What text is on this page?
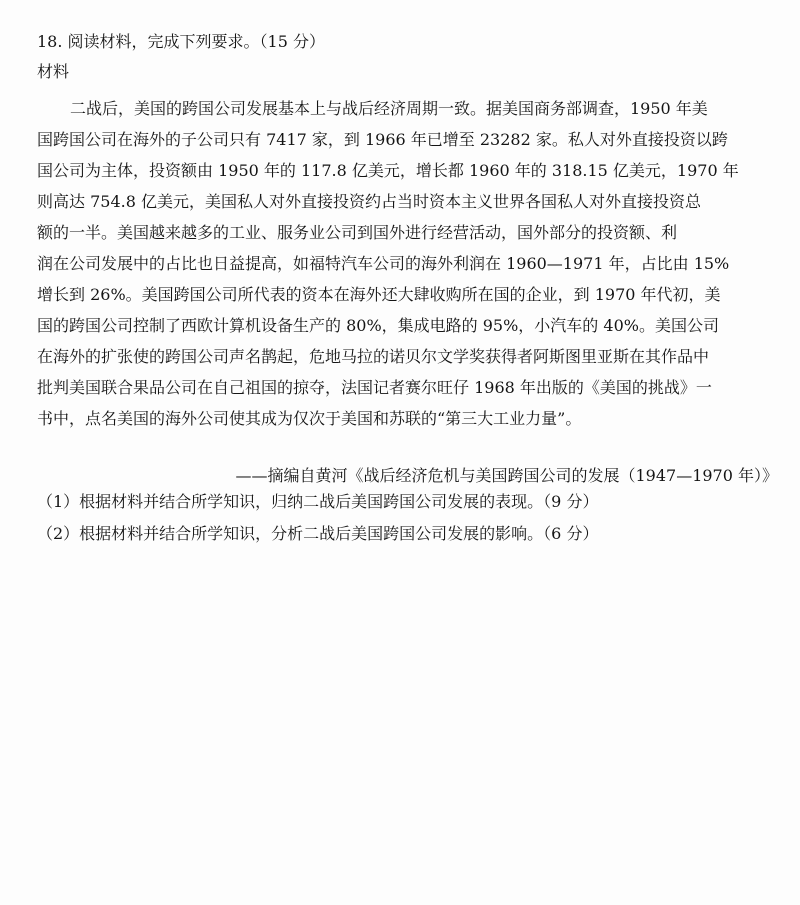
18. 阅读材料，完成下列要求。（15 分）
材料
二战后，美国的跨国公司发展基本上与战后经济周期一致。据美国商务部调查，1950 年美
国跨国公司在海外的子公司只有 7417 家，到 1966 年已增至 23282 家。私人对外直接投资以跨
国公司为主体，投资额由 1950 年的 117.8 亿美元，增长都 1960 年的 318.15 亿美元，1970 年
则高达 754.8 亿美元，美国私人对外直接投资约占当时资本主义世界各国私人对外直接投资总
额的一半。美国越来越多的工业、服务业公司到国外进行经营活动，国外部分的投资额、利
润在公司发展中的占比也日益提高，如福特汽车公司的海外利润在 1960—1971 年，占比由 15%
增长到 26%。美国跨国公司所代表的资本在海外还大肆收购所在国的企业，到 1970 年代初，美
国的跨国公司控制了西欧计算机设备生产的 80%，集成电路的 95%，小汽车的 40%。美国公司
在海外的扩张使的跨国公司声名鹊起，危地马拉的诺贝尔文学奖获得者阿斯图里亚斯在其作品中
批判美国联合果品公司在自己祖国的掠夺，法国记者赛尔旺仔 1968 年出版的《美国的挑战》一
书中，点名美国的海外公司使其成为仅次于美国和苏联的“第三大工业力量”。
——摘编自黄河《战后经济危机与美国跨国公司的发展（1947—1970 年）》
（1）根据材料并结合所学知识，归纳二战后美国跨国公司发展的表现。（9 分）
（2）根据材料并结合所学知识，分析二战后美国跨国公司发展的影响。（6 分）
